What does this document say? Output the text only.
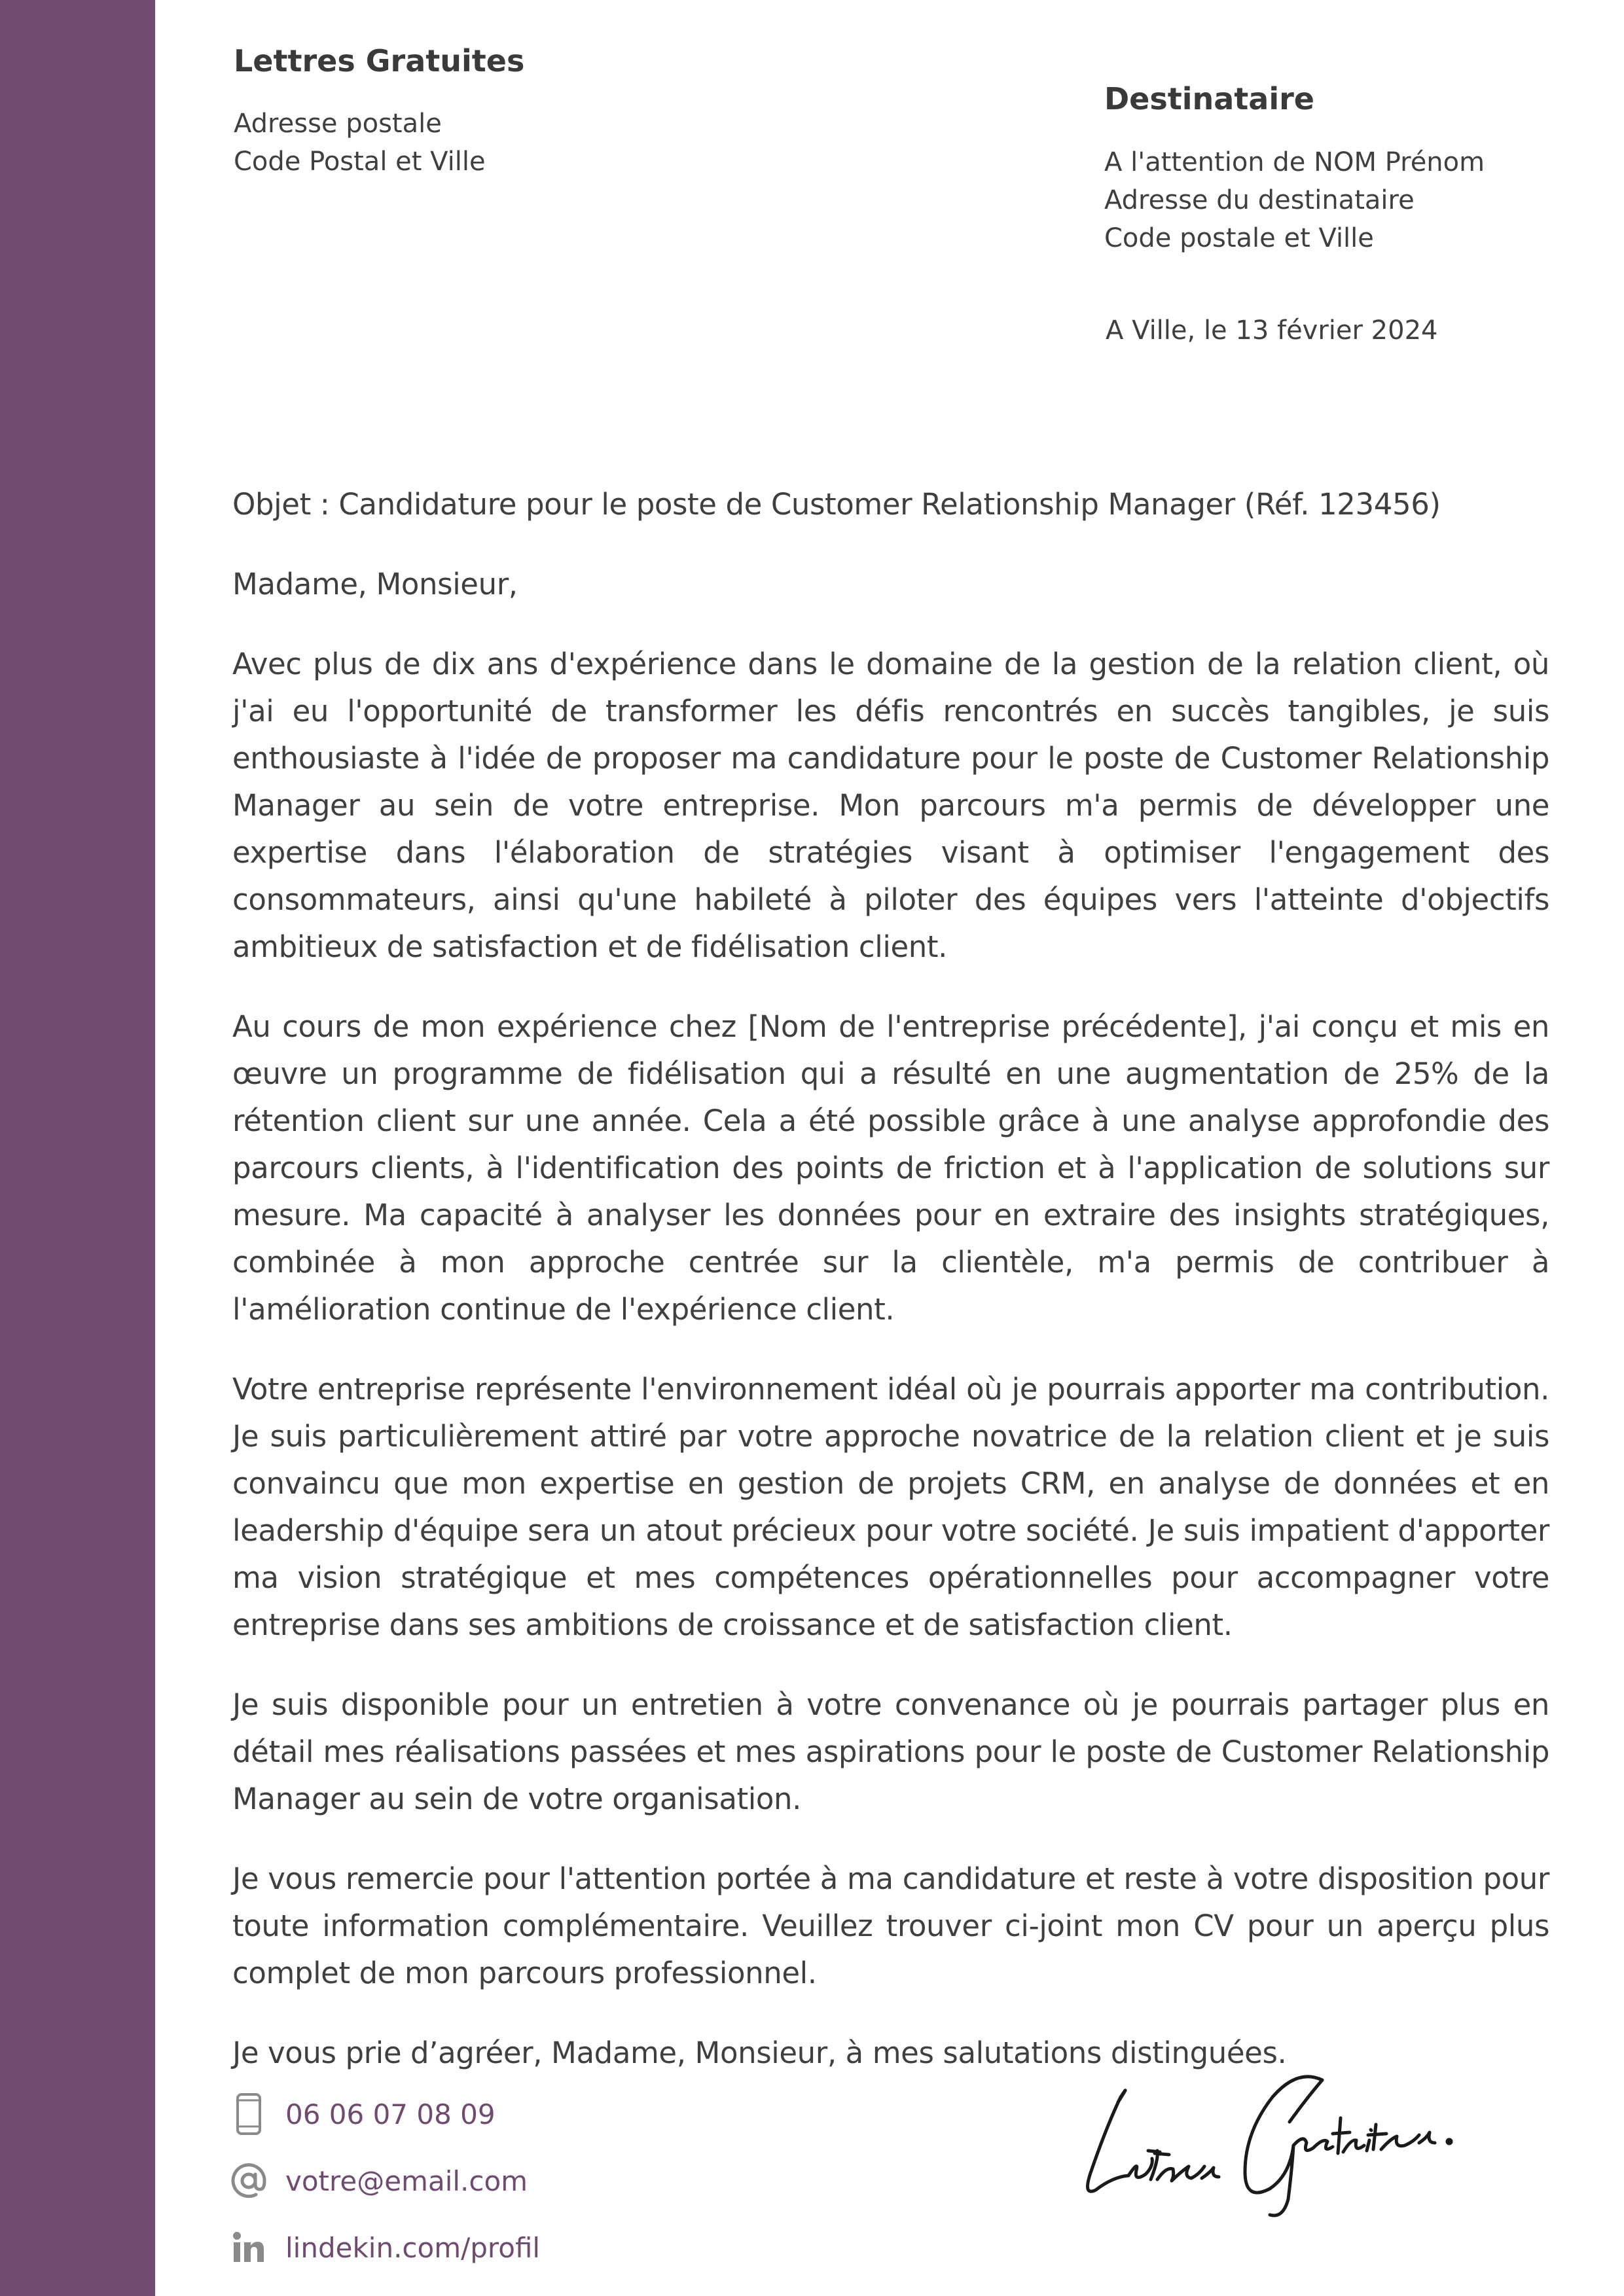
Lettres Gratuites
Adresse postale
Code Postal et Ville
Destinataire
A l'attention de NOM Prénom
Adresse du destinataire
Code postale et Ville
A Ville, le 13 février 2024

Objet : Candidature pour le poste de Customer Relationship Manager (Réf. 123456)

Madame, Monsieur,

Avec plus de dix ans d'expérience dans le domaine de la gestion de la relation client, où j'ai eu l'opportunité de transformer les défis rencontrés en succès tangibles, je suis enthousiaste à l'idée de proposer ma candidature pour le poste de Customer Relationship Manager au sein de votre entreprise. Mon parcours m'a permis de développer une expertise dans l'élaboration de stratégies visant à optimiser l'engagement des consommateurs, ainsi qu'une habileté à piloter des équipes vers l'atteinte d'objectifs ambitieux de satisfaction et de fidélisation client.

Au cours de mon expérience chez [Nom de l'entreprise précédente], j'ai conçu et mis en œuvre un programme de fidélisation qui a résulté en une augmentation de 25% de la rétention client sur une année. Cela a été possible grâce à une analyse approfondie des parcours clients, à l'identification des points de friction et à l'application de solutions sur mesure. Ma capacité à analyser les données pour en extraire des insights stratégiques, combinée à mon approche centrée sur la clientèle, m'a permis de contribuer à l'amélioration continue de l'expérience client.

Votre entreprise représente l'environnement idéal où je pourrais apporter ma contribution. Je suis particulièrement attiré par votre approche novatrice de la relation client et je suis convaincu que mon expertise en gestion de projets CRM, en analyse de données et en leadership d'équipe sera un atout précieux pour votre société. Je suis impatient d'apporter ma vision stratégique et mes compétences opérationnelles pour accompagner votre entreprise dans ses ambitions de croissance et de satisfaction client.

Je suis disponible pour un entretien à votre convenance où je pourrais partager plus en détail mes réalisations passées et mes aspirations pour le poste de Customer Relationship Manager au sein de votre organisation.

Je vous remercie pour l'attention portée à ma candidature et reste à votre disposition pour toute information complémentaire. Veuillez trouver ci-joint mon CV pour un aperçu plus complet de mon parcours professionnel.

Je vous prie d’agréer, Madame, Monsieur, à mes salutations distinguées.

06 06 07 08 09
votre@email.com
lindekin.com/profil
